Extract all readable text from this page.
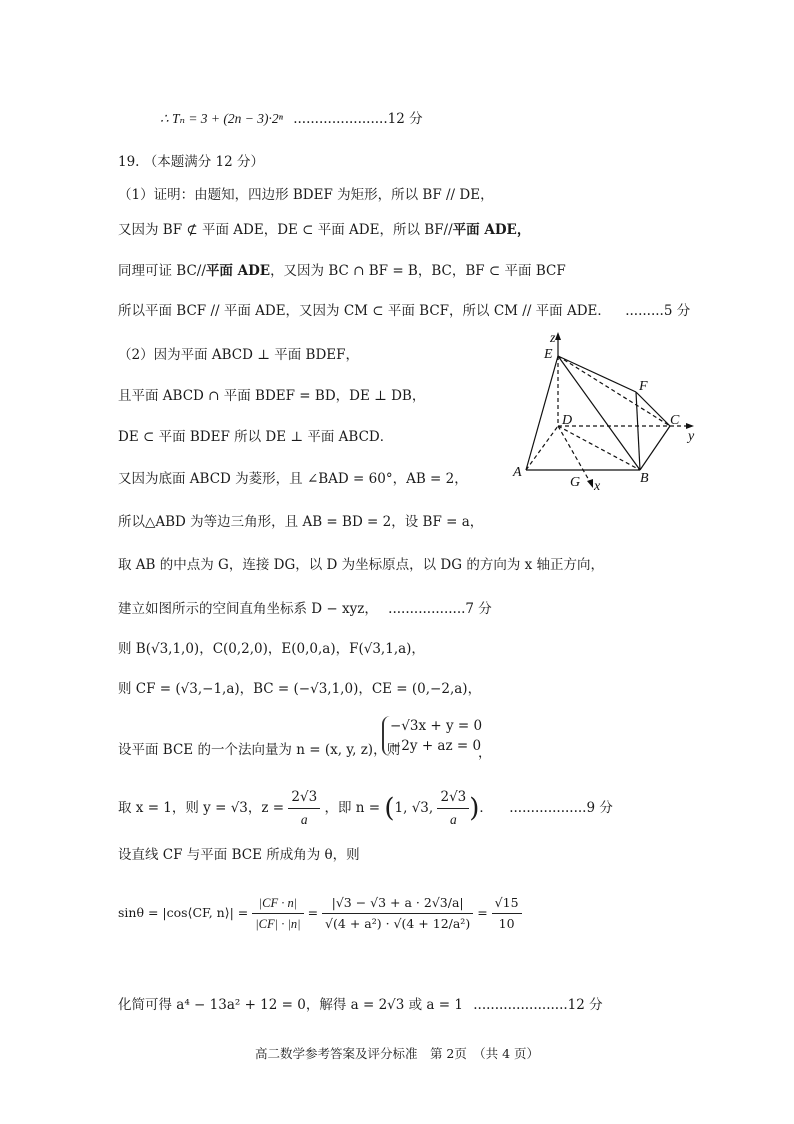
∴ Tₙ = 3 + (2n − 3)·2ⁿ ......................12 分
19. （本题满分 12 分）
（1）证明：由题知，四边形 BDEF 为矩形，所以 BF // DE，
又因为 BF ⊄ 平面 ADE，DE ⊂ 平面 ADE，所以 BF//平面 ADE，
同理可证 BC//平面 ADE，又因为 BC ∩ BF = B，BC，BF ⊂ 平面 BCF
所以平面 BCF // 平面 ADE，又因为 CM ⊂ 平面 BCF，所以 CM // 平面 ADE． .........5 分
（2）因为平面 ABCD ⊥ 平面 BDEF，
且平面 ABCD ∩ 平面 BDEF = BD，DE ⊥ DB，
DE ⊂ 平面 BDEF 所以 DE ⊥ 平面 ABCD．
又因为底面 ABCD 为菱形，且 ∠BAD = 60°，AB = 2，
所以△ABD 为等边三角形，且 AB = BD = 2，设 BF = a，
取 AB 的中点为 G，连接 DG，以 D 为坐标原点，以 DG 的方向为 x 轴正方向，
建立如图所示的空间直角坐标系 D − xyz， ..................7 分
则 B(√3,1,0)，C(0,2,0)，E(0,0,a)，F(√3,1,a)，
则 CF = (√3,−1,a)，BC = (−√3,1,0)，CE = (0,−2,a)，
设平面 BCE 的一个法向量为 n = (x, y, z)，则
−√3x + y = 0
−2y + az = 0
，
取 x = 1，则 y = √3，$z = \frac{2√3}{a}$ ，即 n = (1, √3, $\frac{2√3}{a}$ )． ..................9 分
设直线 CF 与平面 BCE 所成角为 θ，则
sinθ = |cos⟨CF, n⟩| = $\frac{|CF \cdot n|}{|CF| \cdot |n|} = \frac{|√3 - √3 + a \cdot 2√3/a|}{\text{√(4 + a²) · √(4 + 12/a²)}} = \frac{√15}{10}$
化简可得 a⁴ − 13a² + 12 = 0，解得 a = 2√3 或 a = 1 ......................12 分
高二数学参考答案及评分标准　第 2页　（共 4 页）
z
E
F
D	C
y
A
G x
B
